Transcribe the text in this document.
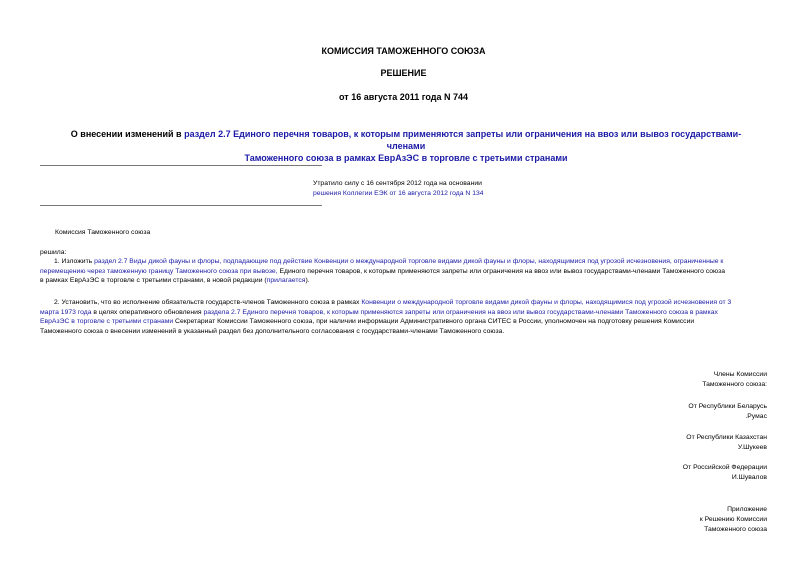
КОМИССИЯ ТАМОЖЕННОГО СОЮЗА
РЕШЕНИЕ
от 16 августа 2011 года N 744
О внесении изменений в раздел 2.7 Единого перечня товаров, к которым применяются запреты или ограничения на ввоз или вывоз государствами-членами
Таможенного союза в рамках ЕврАзЭС в торговле с третьими странами
Утратило силу с 16 сентября 2012 года на основании
решения Коллегии ЕЭК от 16 августа 2012 года N 134
Комиссия Таможенного союза
решила:
1. Изложить раздел 2.7 Виды дикой фауны и флоры, подпадающие под действие Конвенции о международной торговле видами дикой фауны и флоры, находящимися под угрозой исчезновения, ограниченные к
перемещению через таможенную границу Таможенного союза при вывозе, Единого перечня товаров, к которым применяются запреты или ограничения на ввоз или вывоз государствами-членами Таможенного союза
в рамках ЕврАзЭС в торговле с третьими странами, в новой редакции (прилагается).
2. Установить, что во исполнение обязательств государств-членов Таможенного союза в рамках Конвенции о международной торговле видами дикой фауны и флоры, находящимися под угрозой исчезновения от 3
марта 1973 года в целях оперативного обновления раздела 2.7 Единого перечня товаров, к которым применяются запреты или ограничения на ввоз или вывоз государствами-членами Таможенного союза в рамках
ЕврАзЭС в торговле с третьими странами Секретариат Комиссии Таможенного союза, при наличии информации Административного органа СИТЕС в России, уполномочен на подготовку решения Комиссии
Таможенного союза о внесении изменений в указанный раздел без дополнительного согласования с государствами-членами Таможенного союза.
Члены Комиссии
Таможенного союза:
От Республики Беларусь
.Румас
От Республики Казахстан
У.Шукеев
От Российской Федерации
И.Шувалов
Приложение
к Решению Комиссии
Таможенного союза
